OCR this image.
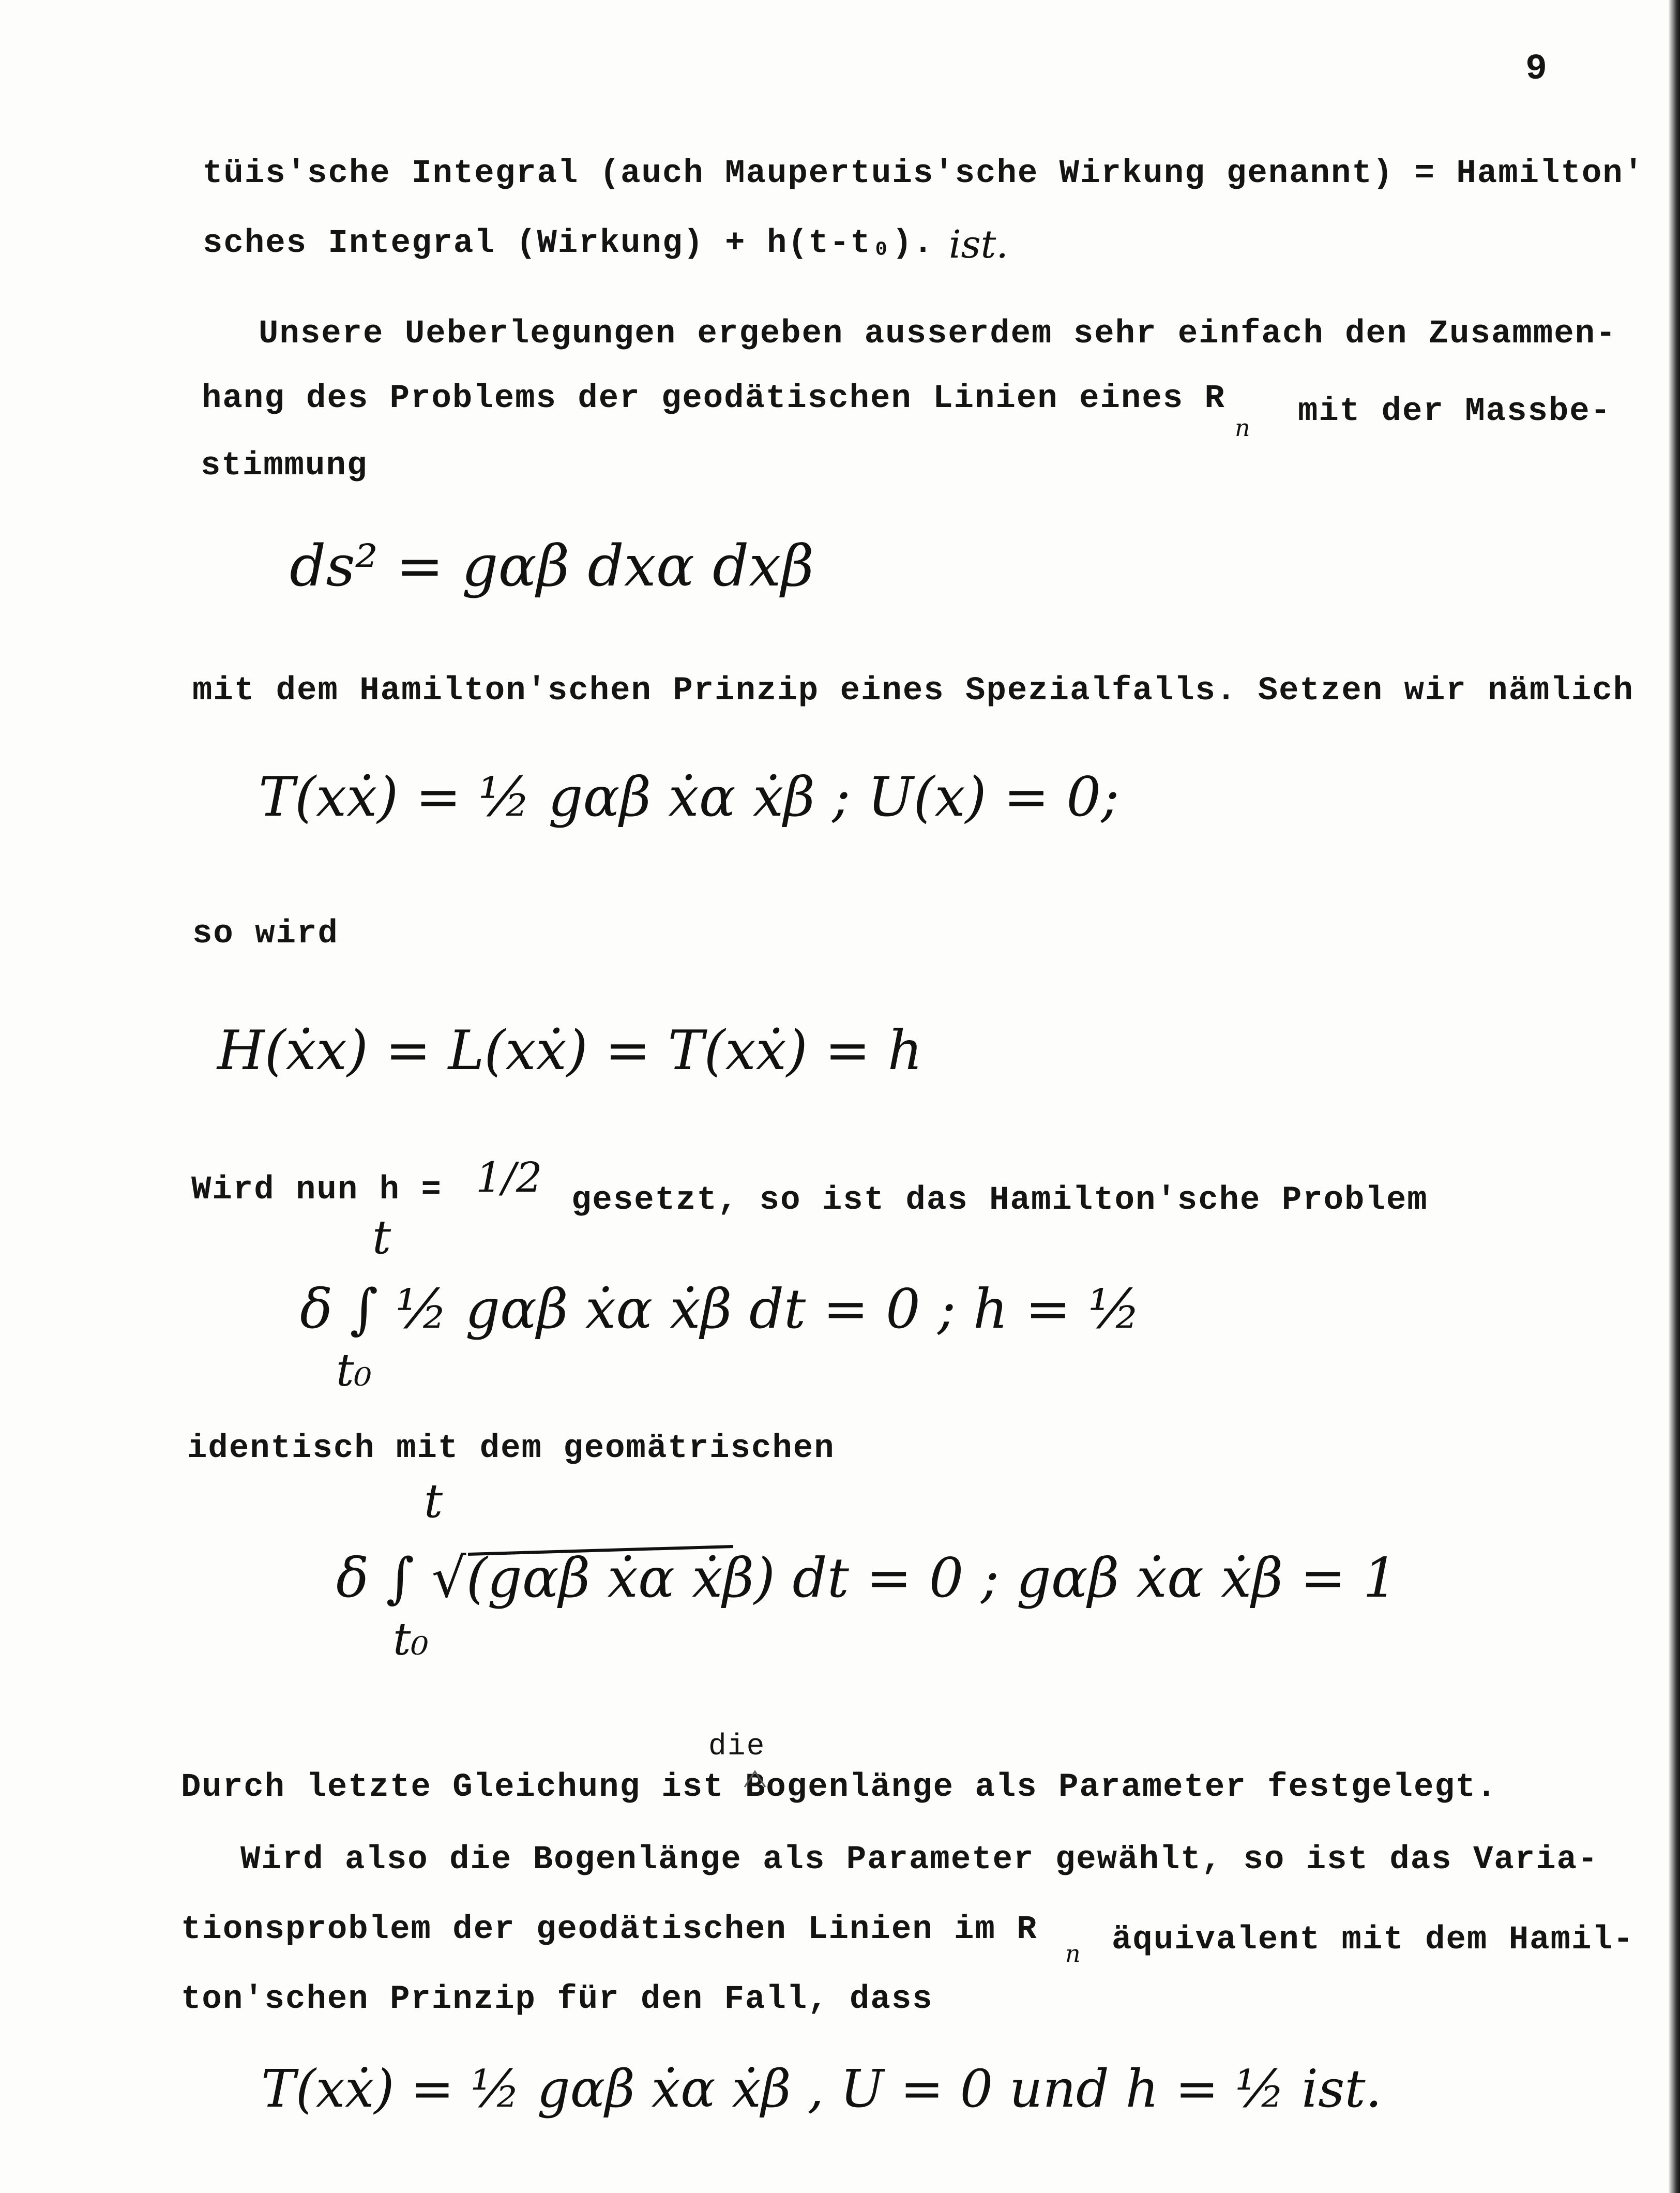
9
tüis'sche Integral (auch Maupertuis'sche Wirkung genannt) = Hamilton'
sches Integral (Wirkung) + h(t-t₀). ist.
Unsere Ueberlegungen ergeben ausserdem sehr einfach den Zusammen-
hang des Problems der geodätischen Linien eines R
n mit der Massbe-
stimmung
ds² = gαβ dxα dxβ
mit dem Hamilton'schen Prinzip eines Spezialfalls. Setzen wir nämlich
T(xẋ) = ½ gαβ ẋα ẋβ ; U(x) = 0;
so wird
H(ẋx) = L(xẋ) = T(xẋ) = h
Wird nun h = 1/2 gesetzt, so ist das Hamilton'sche Problem
t
δ ∫ ½ gαβ ẋα ẋβ dt = 0 ; h = ½
t₀
identisch mit dem geomätrischen
t
δ ∫ √(gαβ ẋα ẋβ) dt = 0 ; gαβ ẋα ẋβ = 1
t₀
die
Durch letzte Gleichung ist Bogenlänge als Parameter festgelegt.
Wird also die Bogenlänge als Parameter gewählt, so ist das Varia-
tionsproblem der geodätischen Linien im R
n äquivalent mit dem Hamil-
ton'schen Prinzip für den Fall, dass
T(xẋ) = ½ gαβ ẋα ẋβ , U = 0 und h = ½ ist.
